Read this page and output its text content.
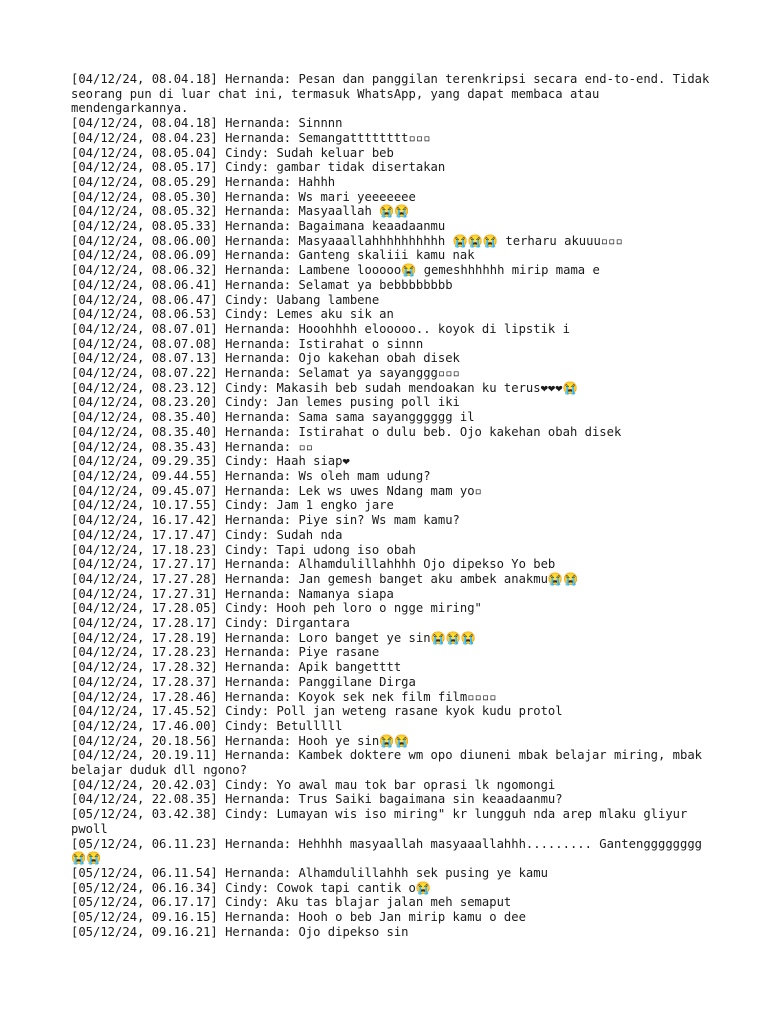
[04/12/24, 08.04.18] Hernanda: Pesan dan panggilan terenkripsi secara end-to-end. Tidak seorang pun di luar chat ini, termasuk WhatsApp, yang dapat membaca atau mendengarkannya.
[04/12/24, 08.04.18] Hernanda: Sinnnn
[04/12/24, 08.04.23] Hernanda: Semangatttttttt▫▫▫
[04/12/24, 08.05.04] Cindy: Sudah keluar beb
[04/12/24, 08.05.17] Cindy: gambar tidak disertakan
[04/12/24, 08.05.29] Hernanda: Hahhh
[04/12/24, 08.05.30] Hernanda: Ws mari yeeeeeee
[04/12/24, 08.05.32] Hernanda: Masyaallah 😭😭
[04/12/24, 08.05.33] Hernanda: Bagaimana keaadaanmu
[04/12/24, 08.06.00] Hernanda: Masyaaallahhhhhhhhhh 😭😭😭 terharu akuuu▫▫▫
[04/12/24, 08.06.09] Hernanda: Ganteng skaliii kamu nak
[04/12/24, 08.06.32] Hernanda: Lambene looooo😭 gemeshhhhhh mirip mama e
[04/12/24, 08.06.41] Hernanda: Selamat ya bebbbbbbbb
[04/12/24, 08.06.47] Cindy: Uabang lambene
[04/12/24, 08.06.53] Cindy: Lemes aku sik an
[04/12/24, 08.07.01] Hernanda: Hooohhhh elooooo.. koyok di lipstik i
[04/12/24, 08.07.08] Hernanda: Istirahat o sinnn
[04/12/24, 08.07.13] Hernanda: Ojo kakehan obah disek
[04/12/24, 08.07.22] Hernanda: Selamat ya sayanggg▫▫▫
[04/12/24, 08.23.12] Cindy: Makasih beb sudah mendoakan ku terus❤❤❤😭
[04/12/24, 08.23.20] Cindy: Jan lemes pusing poll iki
[04/12/24, 08.35.40] Hernanda: Sama sama sayangggggg il
[04/12/24, 08.35.40] Hernanda: Istirahat o dulu beb. Ojo kakehan obah disek
[04/12/24, 08.35.43] Hernanda: ▫▫
[04/12/24, 09.29.35] Cindy: Haah siap❤
[04/12/24, 09.44.55] Hernanda: Ws oleh mam udung?
[04/12/24, 09.45.07] Hernanda: Lek ws uwes Ndang mam yo▫
[04/12/24, 10.17.55] Cindy: Jam 1 engko jare
[04/12/24, 16.17.42] Hernanda: Piye sin? Ws mam kamu?
[04/12/24, 17.17.47] Cindy: Sudah nda
[04/12/24, 17.18.23] Cindy: Tapi udong iso obah
[04/12/24, 17.27.17] Hernanda: Alhamdulillahhhh Ojo dipekso Yo beb
[04/12/24, 17.27.28] Hernanda: Jan gemesh banget aku ambek anakmu😭😭
[04/12/24, 17.27.31] Hernanda: Namanya siapa
[04/12/24, 17.28.05] Cindy: Hooh peh loro o ngge miring"
[04/12/24, 17.28.17] Cindy: Dirgantara
[04/12/24, 17.28.19] Hernanda: Loro banget ye sin😭😭😭
[04/12/24, 17.28.23] Hernanda: Piye rasane
[04/12/24, 17.28.32] Hernanda: Apik bangetttt
[04/12/24, 17.28.37] Hernanda: Panggilane Dirga
[04/12/24, 17.28.46] Hernanda: Koyok sek nek film film▫▫▫▫
[04/12/24, 17.45.52] Cindy: Poll jan weteng rasane kyok kudu protol
[04/12/24, 17.46.00] Cindy: Betulllll
[04/12/24, 20.18.56] Hernanda: Hooh ye sin😭😭
[04/12/24, 20.19.11] Hernanda: Kambek doktere wm opo diuneni mbak belajar miring, mbak belajar duduk dll ngono?
[04/12/24, 20.42.03] Cindy: Yo awal mau tok bar oprasi lk ngomongi
[04/12/24, 22.08.35] Hernanda: Trus Saiki bagaimana sin keaadaanmu?
[05/12/24, 03.42.38] Cindy: Lumayan wis iso miring" kr lungguh nda arep mlaku gliyur pwoll
[05/12/24, 06.11.23] Hernanda: Hehhhh masyaallah masyaaallahhh......... Gantengggggggg 😭😭
[05/12/24, 06.11.54] Hernanda: Alhamdulillahhh sek pusing ye kamu
[05/12/24, 06.16.34] Cindy: Cowok tapi cantik o😭
[05/12/24, 06.17.17] Cindy: Aku tas blajar jalan meh semaput
[05/12/24, 09.16.15] Hernanda: Hooh o beb Jan mirip kamu o dee
[05/12/24, 09.16.21] Hernanda: Ojo dipekso sin
